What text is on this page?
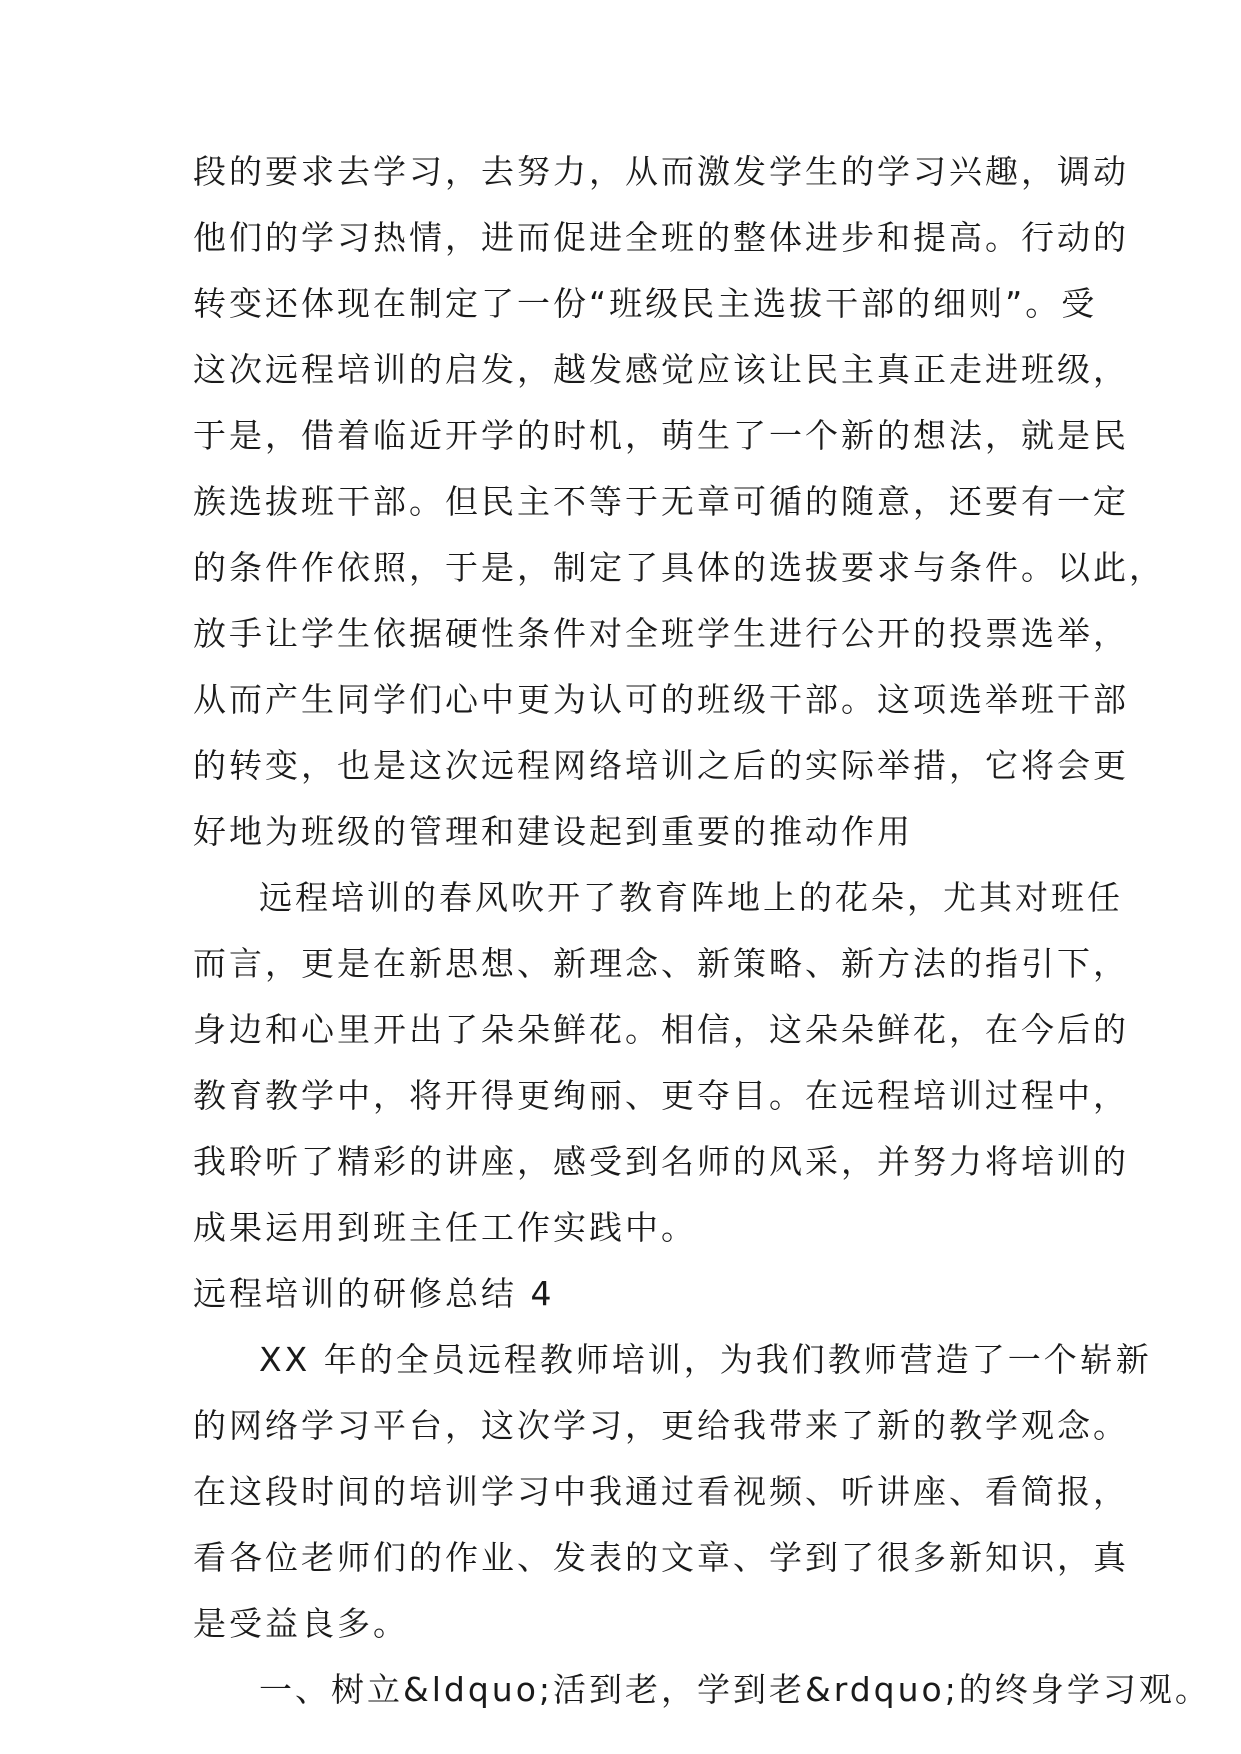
段的要求去学习，去努力，从而激发学生的学习兴趣，调动
他们的学习热情，进而促进全班的整体进步和提高。行动的
转变还体现在制定了一份“班级民主选拔干部的细则”。受
这次远程培训的启发，越发感觉应该让民主真正走进班级，
于是，借着临近开学的时机，萌生了一个新的想法，就是民
族选拔班干部。但民主不等于无章可循的随意，还要有一定
的条件作依照，于是，制定了具体的选拔要求与条件。以此，
放手让学生依据硬性条件对全班学生进行公开的投票选举，
从而产生同学们心中更为认可的班级干部。这项选举班干部
的转变，也是这次远程网络培训之后的实际举措，它将会更
好地为班级的管理和建设起到重要的推动作用
远程培训的春风吹开了教育阵地上的花朵，尤其对班任
而言，更是在新思想、新理念、新策略、新方法的指引下，
身边和心里开出了朵朵鲜花。相信，这朵朵鲜花，在今后的
教育教学中，将开得更绚丽、更夺目。在远程培训过程中，
我聆听了精彩的讲座，感受到名师的风采，并努力将培训的
成果运用到班主任工作实践中。
远程培训的研修总结 4
XX 年的全员远程教师培训，为我们教师营造了一个崭新
的网络学习平台，这次学习，更给我带来了新的教学观念。
在这段时间的培训学习中我通过看视频、听讲座、看简报，
看各位老师们的作业、发表的文章、学到了很多新知识，真
是受益良多。
一、树立&ldquo;活到老，学到老&rdquo;的终身学习观。
